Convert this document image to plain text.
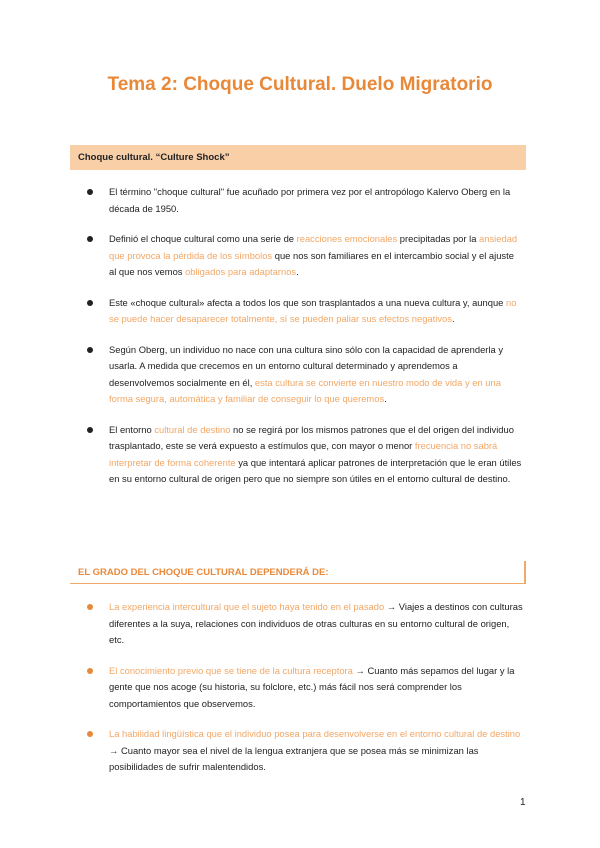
Tema 2: Choque Cultural. Duelo Migratorio
Choque cultural. “Culture Shock”
El término "choque cultural" fue acuñado por primera vez por el antropólogo Kalervo Oberg en la década de 1950.
Definió el choque cultural como una serie de reacciones emocionales precipitadas por la ansiedad que provoca la pérdida de los símbolos que nos son familiares en el intercambio social y el ajuste al que nos vemos obligados para adaptarnos.
Este «choque cultural» afecta a todos los que son trasplantados a una nueva cultura y, aunque no se puede hacer desaparecer totalmente, sí se pueden paliar sus efectos negativos.
Según Oberg, un individuo no nace con una cultura sino sólo con la capacidad de aprenderla y usarla. A medida que crecemos en un entorno cultural determinado y aprendemos a desenvolvemos socialmente en él, esta cultura se convierte en nuestro modo de vida y en una forma segura, automática y familiar de conseguir lo que queremos.
El entorno cultural de destino no se regirá por los mismos patrones que el del origen del individuo trasplantado, este se verá expuesto a estímulos que, con mayor o menor frecuencia no sabrá interpretar de forma coherente ya que intentará aplicar patrones de interpretación que le eran útiles en su entorno cultural de origen pero que no siempre son útiles en el entorno cultural de destino.
EL GRADO DEL CHOQUE CULTURAL DEPENDERÁ DE:
La experiencia intercultural que el sujeto haya tenido en el pasado → Viajes a destinos con culturas diferentes a la suya, relaciones con individuos de otras culturas en su entorno cultural de origen, etc.
El conocimiento previo que se tiene de la cultura receptora → Cuanto más sepamos del lugar y la gente que nos acoge (su historia, su folclore, etc.) más fácil nos será comprender los comportamientos que observemos.
La habilidad lingüística que el individuo posea para desenvolverse en el entorno cultural de destino → Cuanto mayor sea el nivel de la lengua extranjera que se posea más se minimizan las posibilidades de sufrir malentendidos.
1
